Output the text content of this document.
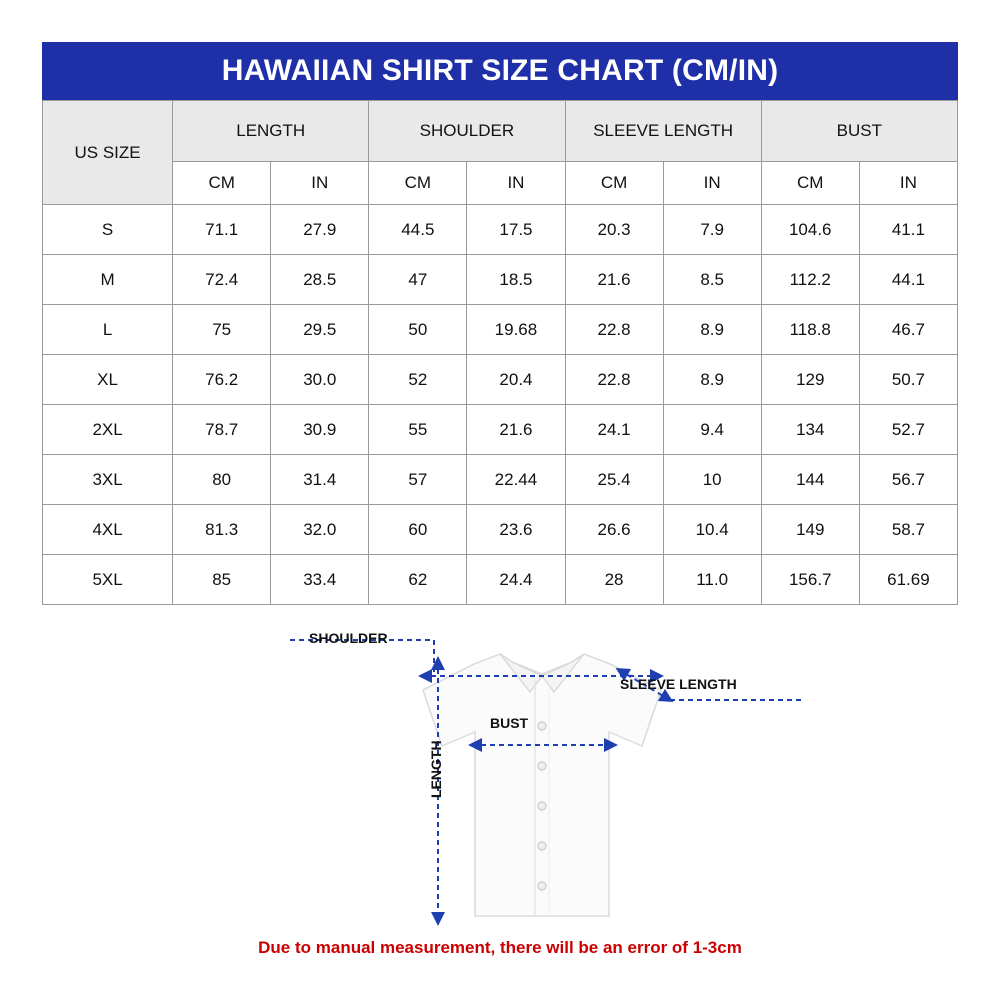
HAWAIIAN SHIRT SIZE CHART (CM/IN)
US SIZE	LENGTH		SHOULDER		SLEEVE LENGTH		BUST	
	CM	IN	CM	IN	CM	IN	CM	IN
S	71.1	27.9	44.5	17.5	20.3	7.9	104.6	41.1
M	72.4	28.5	47	18.5	21.6	8.5	112.2	44.1
L	75	29.5	50	19.68	22.8	8.9	118.8	46.7
XL	76.2	30.0	52	20.4	22.8	8.9	129	50.7
2XL	78.7	30.9	55	21.6	24.1	9.4	134	52.7
3XL	80	31.4	57	22.44	25.4	10	144	56.7
4XL	81.3	32.0	60	23.6	26.6	10.4	149	58.7
5XL	85	33.4	62	24.4	28	11.0	156.7	61.69
SHOULDER
SLEEVE LENGTH
BUST
LENGTH
Due to manual measurement, there will be an error of 1-3cm
